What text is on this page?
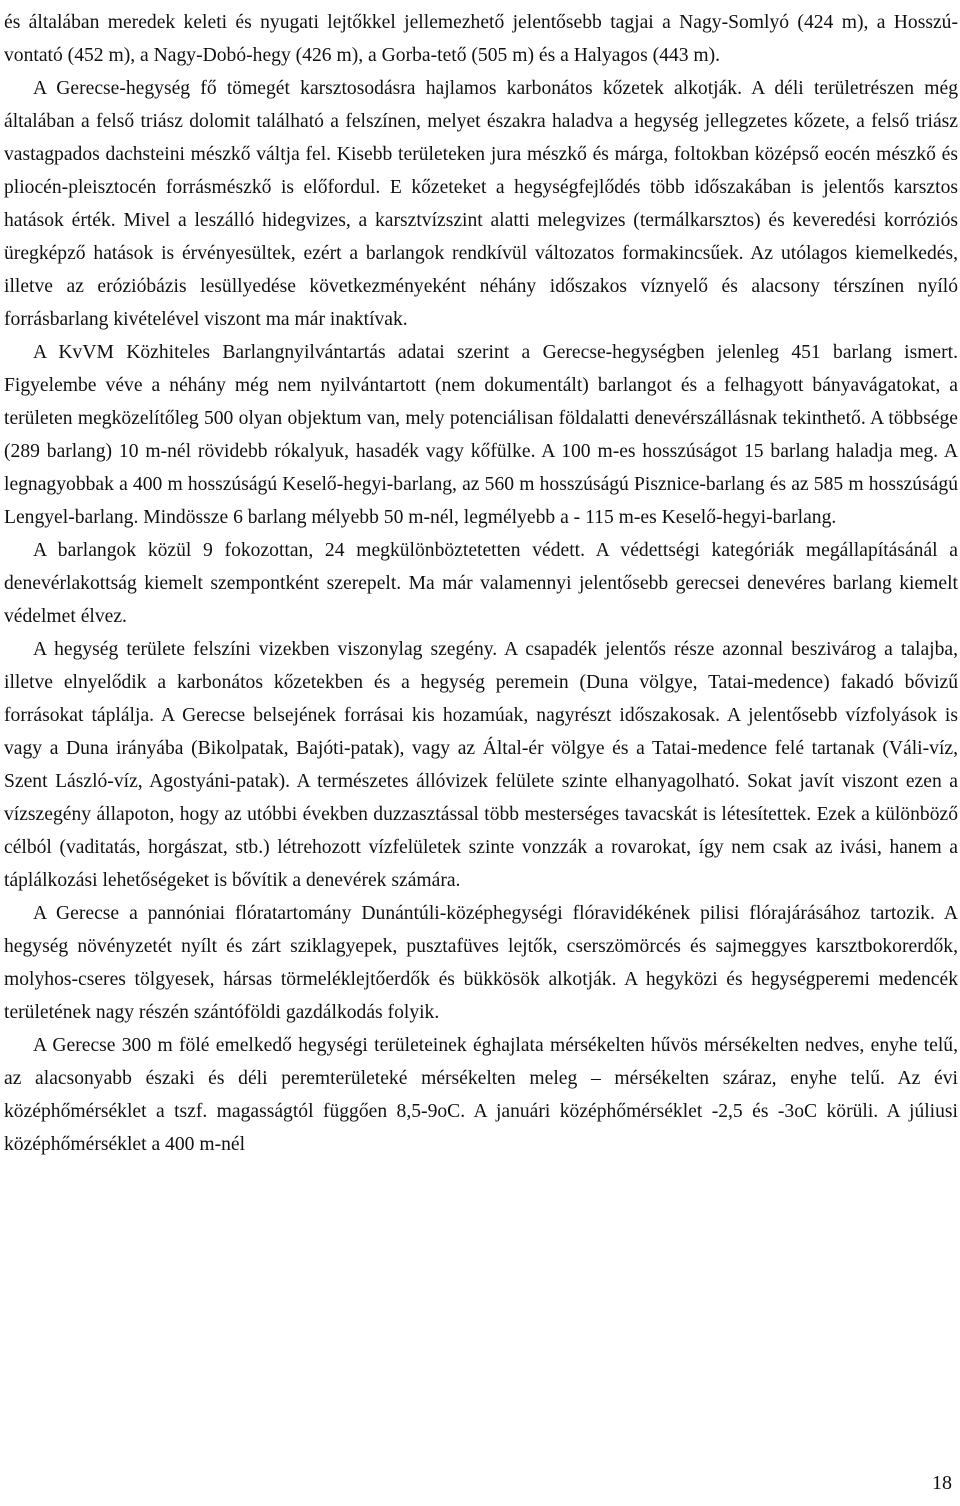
és általában meredek keleti és nyugati lejtőkkel jellemezhető jelentősebb tagjai a Nagy-Somlyó (424 m), a Hosszú-vontató (452 m), a Nagy-Dobó-hegy (426 m), a Gorba-tető (505 m) és a Halyagos (443 m).

A Gerecse-hegység fő tömegét karsztosodásra hajlamos karbonátos kőzetek alkotják. A déli területrészen még általában a felső triász dolomit található a felszínen, melyet északra haladva a hegység jellegzetes kőzete, a felső triász vastagpados dachsteini mészkő váltja fel. Kisebb területeken jura mészkő és márga, foltokban középső eocén mészkő és pliocén-pleisztocén forrásmészkő is előfordul. E kőzeteket a hegységfejlődés több időszakában is jelentős karsztos hatások érték. Mivel a leszálló hidegvizes, a karsztvízszint alatti melegvizes (termálkarsztos) és keveredési korróziós üregképző hatások is érvényesültek, ezért a barlangok rendkívül változatos formakincsűek. Az utólagos kiemelkedés, illetve az erózióbázis lesüllyedése következményeként néhány időszakos víznyelő és alacsony térszínen nyíló forrásbarlang kivételével viszont ma már inaktívak.

A KvVM Közhiteles Barlangnyilvántartás adatai szerint a Gerecse-hegységben jelenleg 451 barlang ismert. Figyelembe véve a néhány még nem nyilvántartott (nem dokumentált) barlangot és a felhagyott bányavágatokat, a területen megközelítőleg 500 olyan objektum van, mely potenciálisan földalatti denevérszállásnak tekinthető. A többsége (289 barlang) 10 m-nél rövidebb rókalyuk, hasadék vagy kőfülke. A 100 m-es hosszúságot 15 barlang haladja meg. A legnagyobbak a 400 m hosszúságú Keselő-hegyi-barlang, az 560 m hosszúságú Pisznice-barlang és az 585 m hosszúságú Lengyel-barlang. Mindössze 6 barlang mélyebb 50 m-nél, legmélyebb a - 115 m-es Keselő-hegyi-barlang.

A barlangok közül 9 fokozottan, 24 megkülönböztetetten védett. A védettségi kategóriák megállapításánál a denevérlakottság kiemelt szempontként szerepelt. Ma már valamennyi jelentősebb gerecsei denevéres barlang kiemelt védelmet élvez.

A hegység területe felszíni vizekben viszonylag szegény. A csapadék jelentős része azonnal beszivárog a talajba, illetve elnyelődik a karbonátos kőzetekben és a hegység peremein (Duna völgye, Tatai-medence) fakadó bővizű forrásokat táplálja. A Gerecse belsejének forrásai kis hozamúak, nagyrészt időszakosak. A jelentősebb vízfolyások is vagy a Duna irányába (Bikolpatak, Bajóti-patak), vagy az Által-ér völgye és a Tatai-medence felé tartanak (Váli-víz, Szent László-víz, Agostyáni-patak). A természetes állóvizek felülete szinte elhanyagolható. Sokat javít viszont ezen a vízszegény állapoton, hogy az utóbbi években duzzasztással több mesterséges tavacskát is létesítettek. Ezek a különböző célból (vaditatás, horgászat, stb.) létrehozott vízfelületek szinte vonzzák a rovarokat, így nem csak az ivási, hanem a táplálkozási lehetőségeket is bővítik a denevérek számára.

A Gerecse a pannóniai flóratartomány Dunántúli-középhegységi flóravidékének pilisi flórajárásához tartozik. A hegység növényzetét nyílt és zárt sziklagyepek, pusztafüves lejtők, cserszömörcés és sajmeggyes karsztbokorerdők, molyhos-cseres tölgyesek, hársas törmeléklejtőerdők és bükkösök alkotják. A hegyközi és hegységperemi medencék területének nagy részén szántóföldi gazdálkodás folyik.

A Gerecse 300 m fölé emelkedő hegységi területeinek éghajlata mérsékelten hűvös mérsékelten nedves, enyhe telű, az alacsonyabb északi és déli peremterületeké mérsékelten meleg – mérsékelten száraz, enyhe telű. Az évi középhőmérséklet a tszf. magasságtól függően 8,5-9oC. A januári középhőmérséklet -2,5 és -3oC körüli. A júliusi középhőmérséklet a 400 m-nél

18
